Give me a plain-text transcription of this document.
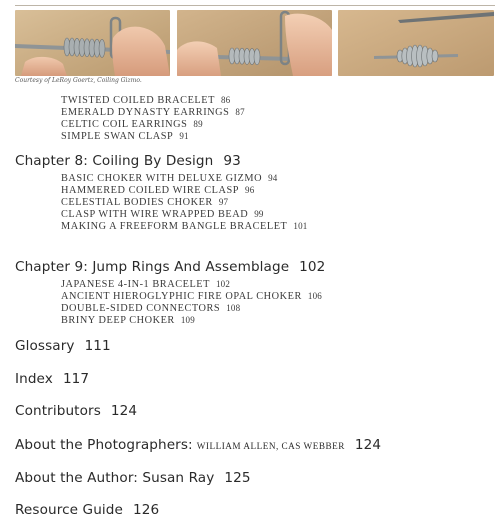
Courtesy of LeRoy Goertz, Coiling Gizmo.
TWISTED COILED BRACELET 86
EMERALD DYNASTY EARRINGS 87
CELTIC COIL EARRINGS 89
SIMPLE SWAN CLASP 91
Chapter 8: Coiling By Design 93
BASIC CHOKER WITH DELUXE GIZMO 94
HAMMERED COILED WIRE CLASP 96
CELESTIAL BODIES CHOKER 97
CLASP WITH WIRE WRAPPED BEAD 99
MAKING A FREEFORM BANGLE BRACELET 101
Chapter 9: Jump Rings And Assemblage 102
JAPANESE 4-IN-1 BRACELET 102
ANCIENT HIEROGLYPHIC FIRE OPAL CHOKER 106
DOUBLE-SIDED CONNECTORS 108
BRINY DEEP CHOKER 109
Glossary 111
Index 117
Contributors 124
About the Photographers: WILLIAM ALLEN, CAS WEBBER 124
About the Author: Susan Ray 125
Resource Guide 126
